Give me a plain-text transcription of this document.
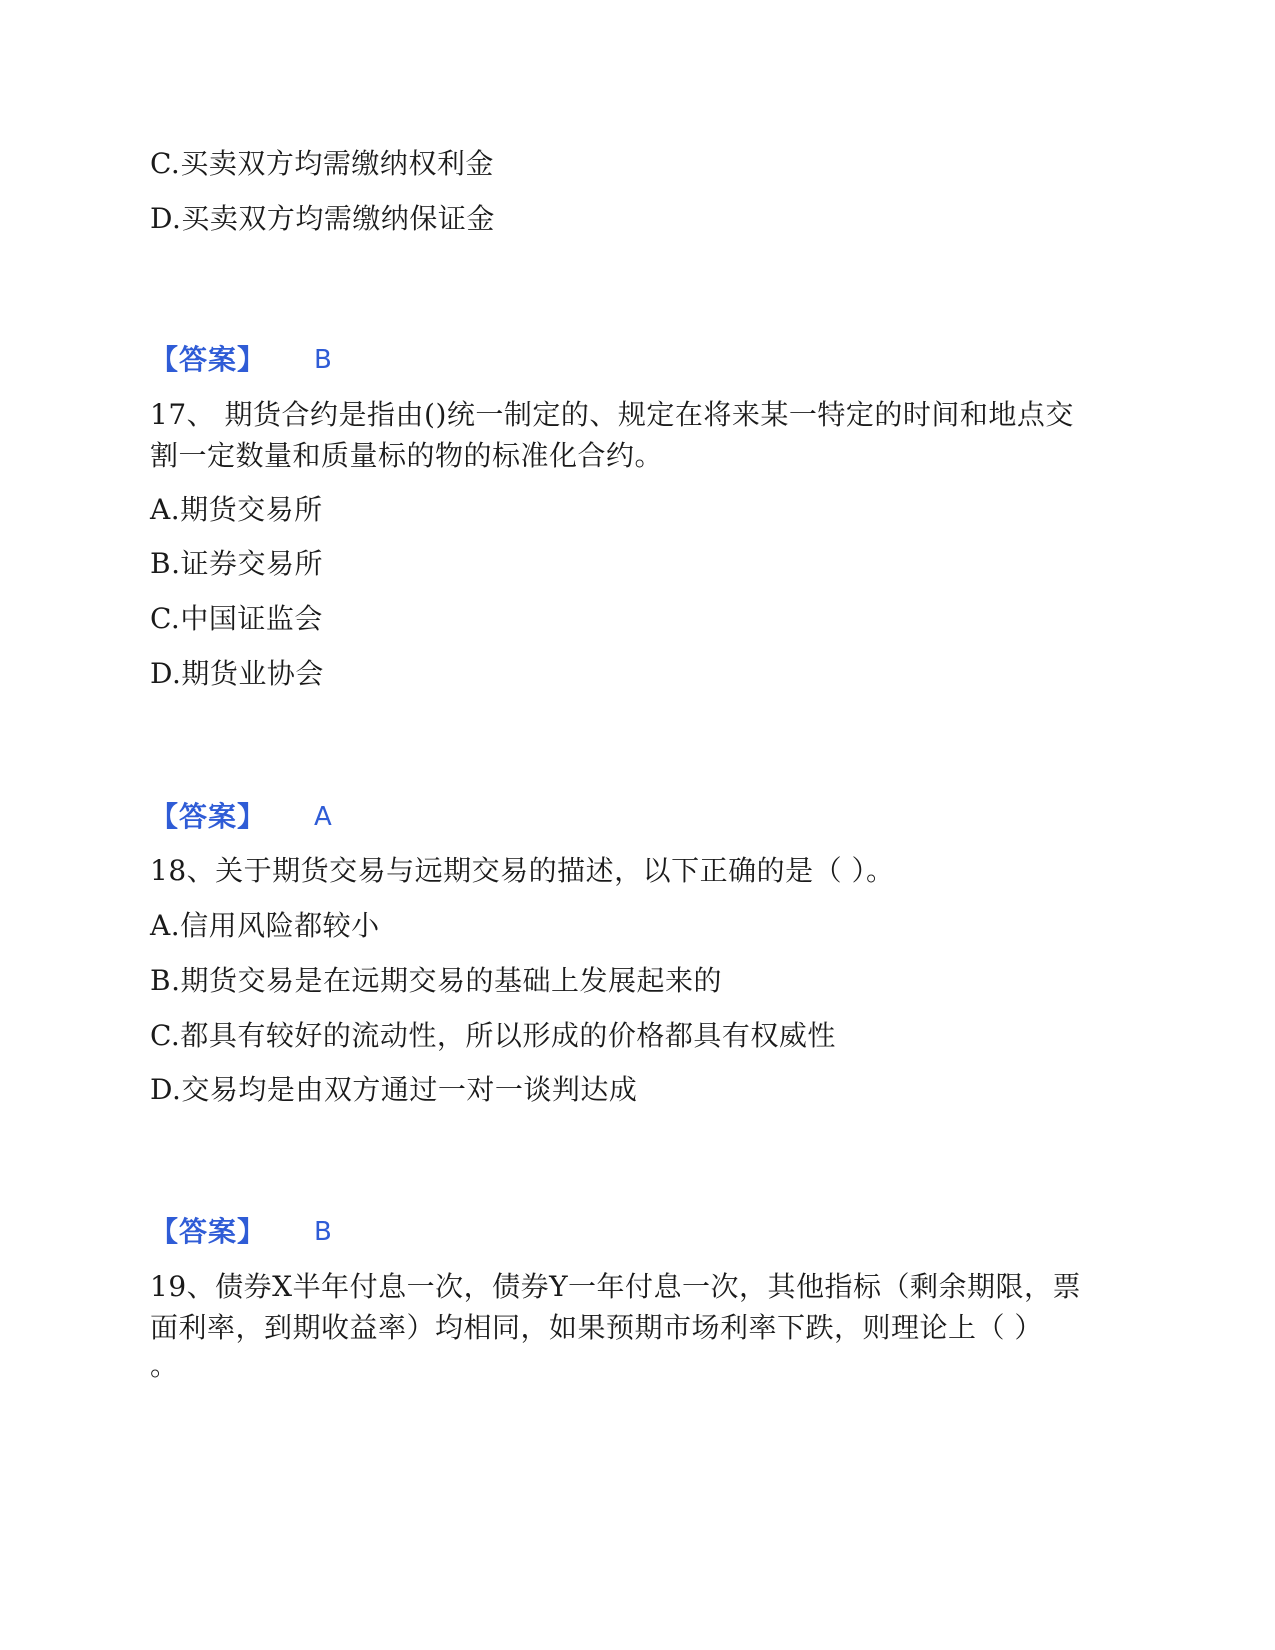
C.买卖双方均需缴纳权利金

D.买卖双方均需缴纳保证金

【答案】 B

17、 期货合约是指由()统一制定的、规定在将来某一特定的时间和地点交

割一定数量和质量标的物的标准化合约。

A.期货交易所

B.证券交易所

C.中国证监会

D.期货业协会

【答案】 A

18、关于期货交易与远期交易的描述，以下正确的是（ ）。

A.信用风险都较小

B.期货交易是在远期交易的基础上发展起来的

C.都具有较好的流动性，所以形成的价格都具有权威性

D.交易均是由双方通过一对一谈判达成

【答案】 B

19、债券X半年付息一次，债券Y一年付息一次，其他指标（剩余期限，票

面利率，到期收益率）均相同，如果预期市场利率下跌，则理论上（ ）

。
